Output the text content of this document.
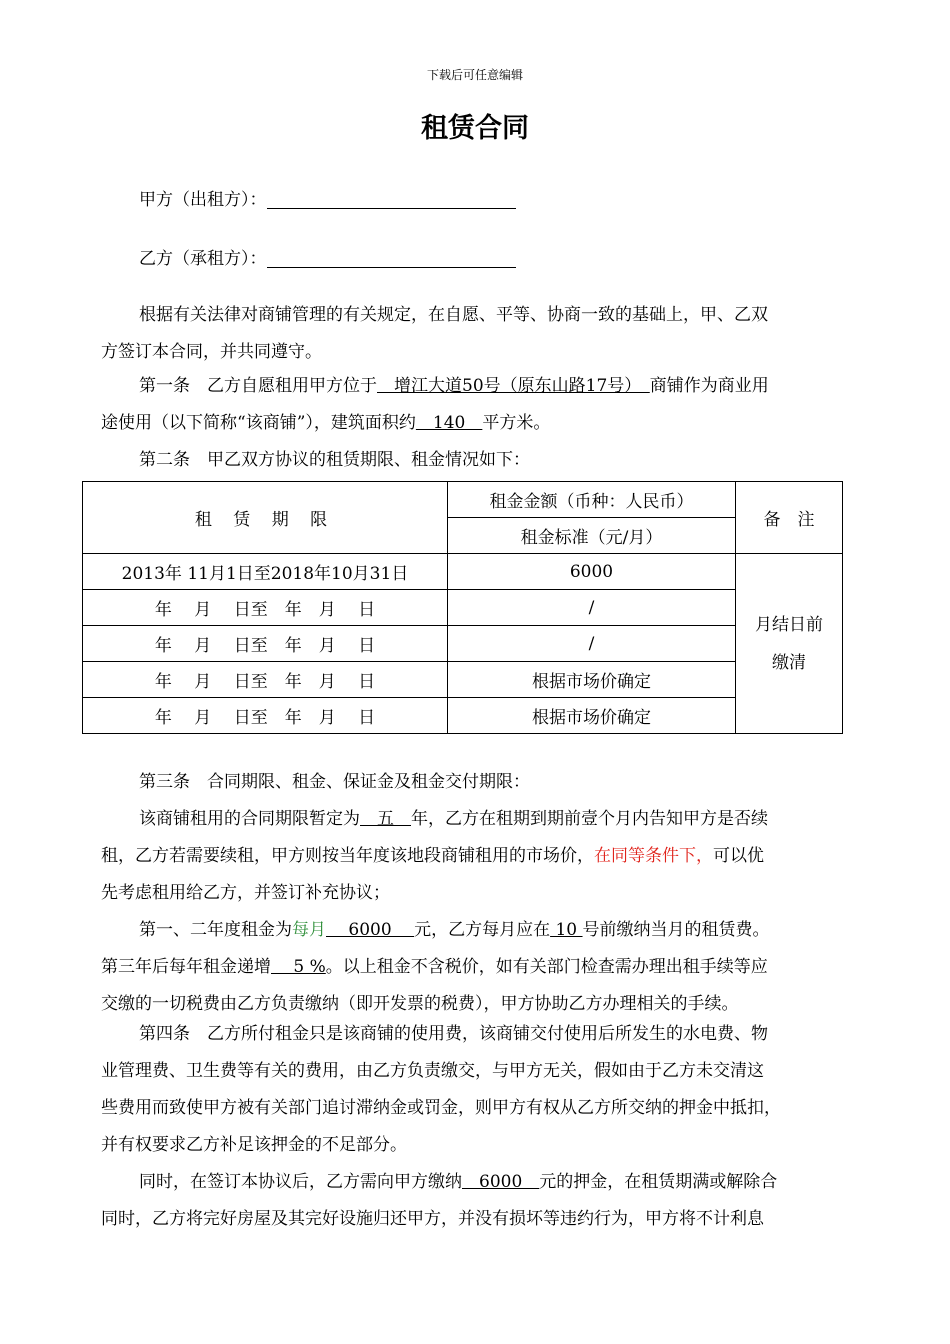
下载后可任意编辑
租赁合同
甲方（出租方）：
乙方（承租方）：
根据有关法律对商铺管理的有关规定，在自愿、平等、协商一致的基础上，甲、乙双
方签订本合同，并共同遵守。
第一条　乙方自愿租用甲方位于　增江大道50号（原东山路17号）　商铺作为商业用
途使用（以下简称“该商铺”），建筑面积约　140　平方米。
第二条　甲乙双方协议的租赁期限、租金情况如下：
租 赁 期 限	租金金额（币种：人民币）	备　注
	租金标准（元/月）	
2013年 11月1日至2018年10月31日	6000	月结日前
缴清

年　 月　 日至　年　月　 日	/	
年　 月　 日至　年　月　 日	/	
年　 月　 日至　年　月　 日	根据市场价确定	
年　 月　 日至　年　月　 日	根据市场价确定	
第三条　合同期限、租金、保证金及租金交付期限：
该商铺租用的合同期限暂定为　五　年，乙方在租期到期前壹个月内告知甲方是否续
租，乙方若需要续租，甲方则按当年度该地段商铺租用的市场价，在同等条件下，可以优
先考虑租用给乙方，并签订补充协议；
第一、二年度租金为每月　 6000　 元，乙方每月应在 10 号前缴纳当月的租赁费。
第三年后每年租金递增　 5 %。以上租金不含税价，如有关部门检查需办理出租手续等应
交缴的一切税费由乙方负责缴纳（即开发票的税费），甲方协助乙方办理相关的手续。
第四条　乙方所付租金只是该商铺的使用费，该商铺交付使用后所发生的水电费、物
业管理费、卫生费等有关的费用，由乙方负责缴交，与甲方无关，假如由于乙方未交清这
些费用而致使甲方被有关部门追讨滞纳金或罚金，则甲方有权从乙方所交纳的押金中抵扣，
并有权要求乙方补足该押金的不足部分。
同时，在签订本协议后，乙方需向甲方缴纳　6000　元的押金，在租赁期满或解除合
同时，乙方将完好房屋及其完好设施归还甲方，并没有损坏等违约行为，甲方将不计利息
